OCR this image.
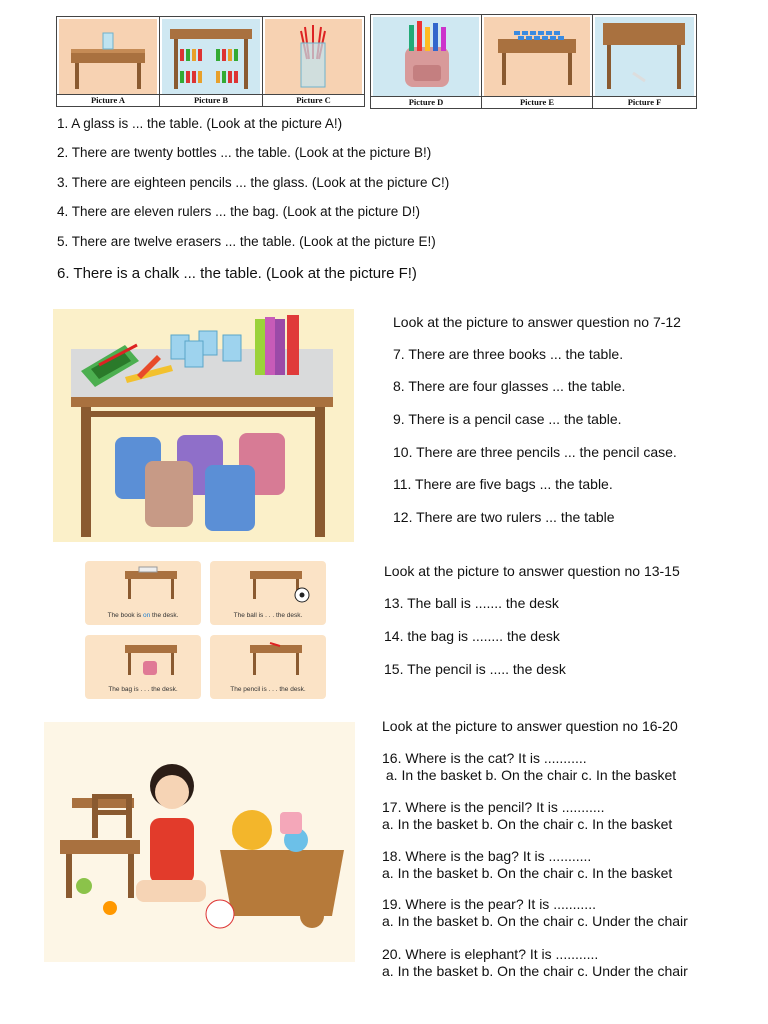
Picture A	Picture B	Picture C	Picture D	Picture E	Picture F
1. A glass is ... the table. (Look at the picture A!)
2. There are twenty bottles ... the table. (Look at the picture B!)
3. There are eighteen pencils ... the glass. (Look at the picture C!)
4. There are eleven rulers ... the bag. (Look at the picture D!)
5. There are twelve erasers ... the table. (Look at the picture E!)
6. There is a chalk ... the table. (Look at the picture F!)
Look at the picture to answer question no 7-12
7. There are three books ... the table.
8. There are four glasses ... the table.
9. There is a pencil case ... the table.
10. There are three pencils ... the pencil case.
11. There are five bags ... the table.
12. There are two rulers ... the table
The book is on the desk.	The ball is . . . the desk.
The bag is . . . the desk.	The pencil is . . . the desk.
Look at the picture to answer question no 13-15
13. The ball is ....... the desk
14. the bag is ........ the desk
15. The pencil is ..... the desk
Look at the picture to answer question no 16-20
16. Where is the cat? It is ...........
a. In the basket b. On the chair c. In the basket
17. Where is the pencil? It is ...........
a. In the basket b. On the chair c. In the basket
18. Where is the bag? It is ...........
a. In the basket b. On the chair c. In the basket
19. Where is the pear? It is ...........
a. In the basket b. On the chair c. Under the chair
20. Where is elephant? It is ...........
a. In the basket b. On the chair c. Under the chair
